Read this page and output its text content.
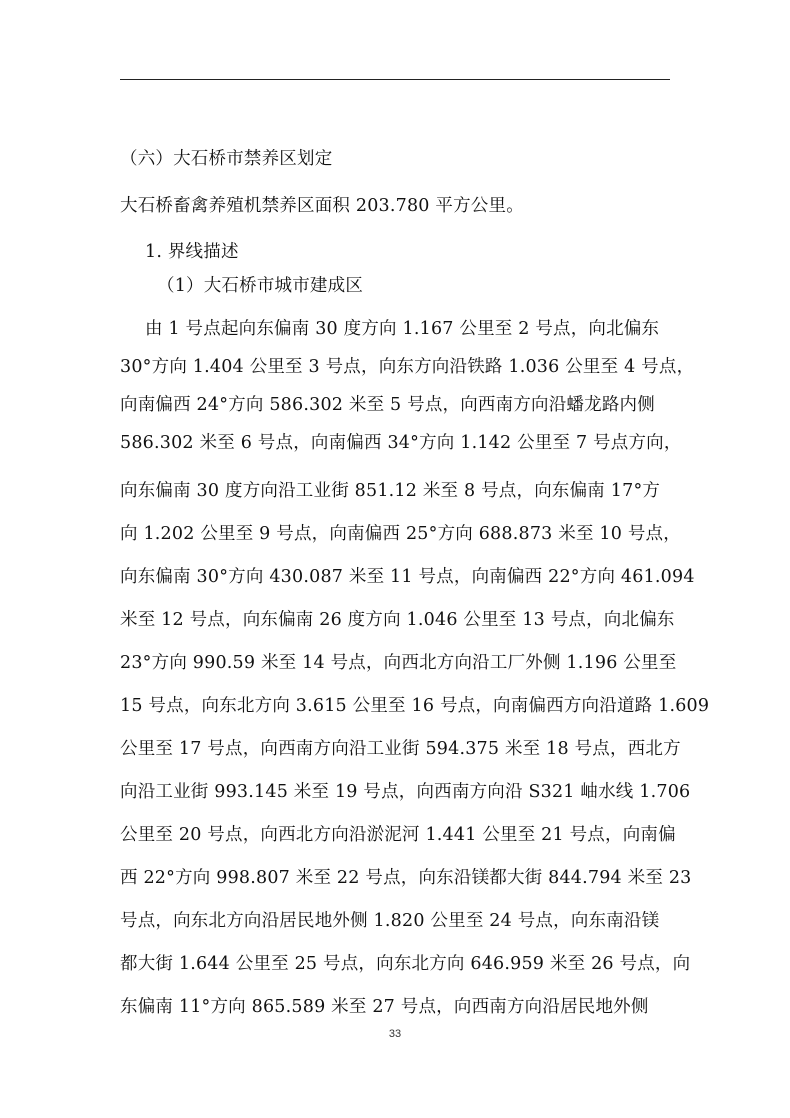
（六）大石桥市禁养区划定
大石桥畜禽养殖机禁养区面积 203.780 平方公里。
1. 界线描述
（1）大石桥市城市建成区
由 1 号点起向东偏南 30 度方向 1.167 公里至 2 号点，向北偏东
30°方向 1.404 公里至 3 号点，向东方向沿铁路 1.036 公里至 4 号点，
向南偏西 24°方向 586.302 米至 5 号点，向西南方向沿蟠龙路内侧
586.302 米至 6 号点，向南偏西 34°方向 1.142 公里至 7 号点方向，
向东偏南 30 度方向沿工业街 851.12 米至 8 号点，向东偏南 17°方
向 1.202 公里至 9 号点，向南偏西 25°方向 688.873 米至 10 号点，
向东偏南 30°方向 430.087 米至 11 号点，向南偏西 22°方向 461.094
米至 12 号点，向东偏南 26 度方向 1.046 公里至 13 号点，向北偏东
23°方向 990.59 米至 14 号点，向西北方向沿工厂外侧 1.196 公里至
15 号点，向东北方向 3.615 公里至 16 号点，向南偏西方向沿道路 1.609
公里至 17 号点，向西南方向沿工业街 594.375 米至 18 号点，西北方
向沿工业街 993.145 米至 19 号点，向西南方向沿 S321 岫水线 1.706
公里至 20 号点，向西北方向沿淤泥河 1.441 公里至 21 号点，向南偏
西 22°方向 998.807 米至 22 号点，向东沿镁都大街 844.794 米至 23
号点，向东北方向沿居民地外侧 1.820 公里至 24 号点，向东南沿镁
都大街 1.644 公里至 25 号点，向东北方向 646.959 米至 26 号点，向
东偏南 11°方向 865.589 米至 27 号点，向西南方向沿居民地外侧
33
